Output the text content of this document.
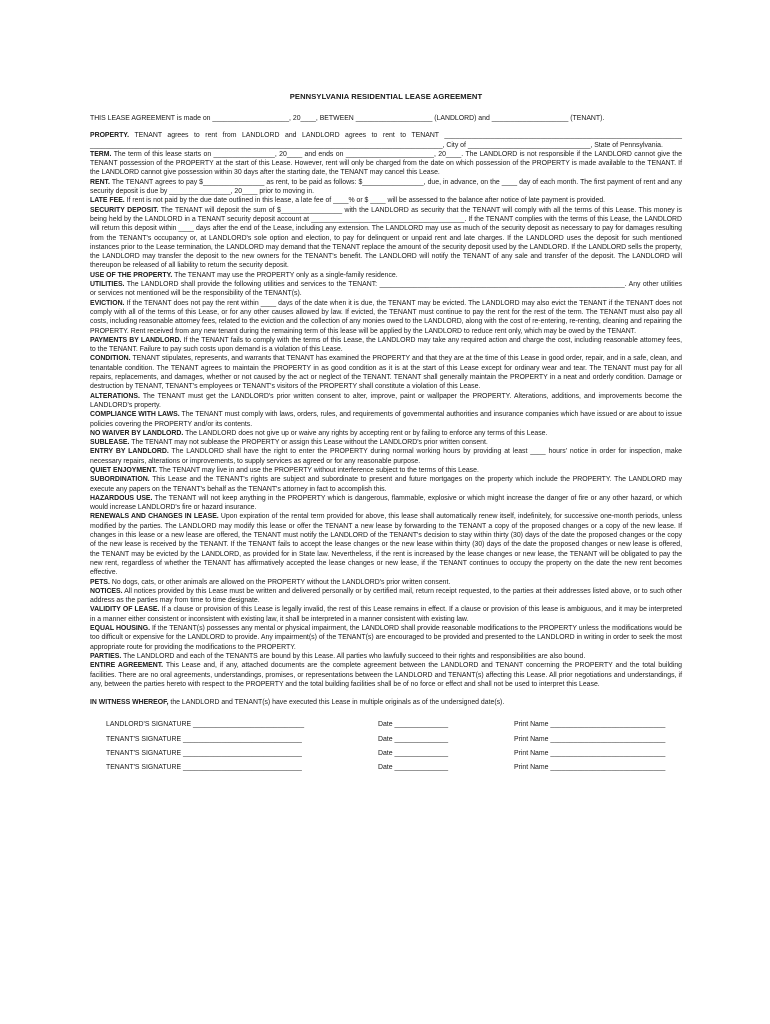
PENNSYLVANIA RESIDENTIAL LEASE AGREEMENT

THIS LEASE AGREEMENT is made on ____________________, 20____, BETWEEN ____________________ (LANDLORD) and ____________________ (TENANT).

PROPERTY. TENANT agrees to rent from LANDLORD and LANDLORD agrees to rent to TENANT ______________________________________________________________ ____________________________________________________________________________________________, City of ________________________________, State of Pennsylvania.

TERM. The term of this lease starts on ________________, 20____ and ends on _______________________, 20____. The LANDLORD is not responsible if the LANDLORD cannot give the TENANT possession of the PROPERTY at the start of this Lease. However, rent will only be charged from the date on which possession of the PROPERTY is made available to the TENANT. If the LANDLORD cannot give possession within 30 days after the starting date, the TENANT may cancel this Lease.

RENT. The TENANT agrees to pay $________________ as rent, to be paid as follows: $________________, due, in advance, on the ____ day of each month. The first payment of rent and any security deposit is due by ________________, 20____ prior to moving in.

LATE FEE. If rent is not paid by the due date outlined in this lease, a late fee of ____% or $ ____ will be assessed to the balance after notice of late payment is provided.

SECURITY DEPOSIT. The TENANT will deposit the sum of $________________ with the LANDLORD as security that the TENANT will comply with all the terms of this Lease. This money is being held by the LANDLORD in a TENANT security deposit account at ________________________________________. If the TENANT complies with the terms of this Lease, the LANDLORD will return this deposit within ____ days after the end of the Lease, including any extension. The LANDLORD may use as much of the security deposit as necessary to pay for damages resulting from the TENANT's occupancy or, at LANDLORD's sole option and election, to pay for delinquent or unpaid rent and late charges. If the LANDLORD uses the deposit for such mentioned instances prior to the Lease termination, the LANDLORD may demand that the TENANT replace the amount of the security deposit used by the LANDLORD. If the LANDLORD sells the property, the LANDLORD may transfer the deposit to the new owners for the TENANT's benefit. The LANDLORD will notify the TENANT of any sale and transfer of the deposit. The LANDLORD will thereupon be released of all liability to return the security deposit.

USE OF THE PROPERTY. The TENANT may use the PROPERTY only as a single-family residence.

UTILITIES. The LANDLORD shall provide the following utilities and services to the TENANT: ________________________________________________________________. Any other utilities or services not mentioned will be the responsibility of the TENANT(s).

EVICTION. If the TENANT does not pay the rent within ____ days of the date when it is due, the TENANT may be evicted. The LANDLORD may also evict the TENANT if the TENANT does not comply with all of the terms of this Lease, or for any other causes allowed by law. If evicted, the TENANT must continue to pay the rent for the rest of the term. The TENANT must also pay all costs, including reasonable attorney fees, related to the eviction and the collection of any monies owed to the LANDLORD, along with the cost of re-entering, re-renting, cleaning and repairing the PROPERTY. Rent received from any new tenant during the remaining term of this lease will be applied by the LANDLORD to reduce rent only, which may be owed by the TENANT.

PAYMENTS BY LANDLORD. If the TENANT fails to comply with the terms of this Lease, the LANDLORD may take any required action and charge the cost, including reasonable attorney fees, to the TENANT. Failure to pay such costs upon demand is a violation of this Lease.

CONDITION. TENANT stipulates, represents, and warrants that TENANT has examined the PROPERTY and that they are at the time of this Lease in good order, repair, and in a safe, clean, and tenantable condition. The TENANT agrees to maintain the PROPERTY in as good condition as it is at the start of this Lease except for ordinary wear and tear. The TENANT must pay for all repairs, replacements, and damages, whether or not caused by the act or neglect of the TENANT. TENANT shall generally maintain the PROPERTY in a neat and orderly condition. Damage or destruction by TENANT, TENANT's employees or TENANT's visitors of the PROPERTY shall constitute a violation of this Lease.

ALTERATIONS. The TENANT must get the LANDLORD's prior written consent to alter, improve, paint or wallpaper the PROPERTY. Alterations, additions, and improvements become the LANDLORD's property.

COMPLIANCE WITH LAWS. The TENANT must comply with laws, orders, rules, and requirements of governmental authorities and insurance companies which have issued or are about to issue policies covering the PROPERTY and/or its contents.

NO WAIVER BY LANDLORD. The LANDLORD does not give up or waive any rights by accepting rent or by failing to enforce any terms of this Lease.

SUBLEASE. The TENANT may not sublease the PROPERTY or assign this Lease without the LANDLORD's prior written consent.

ENTRY BY LANDLORD. The LANDLORD shall have the right to enter the PROPERTY during normal working hours by providing at least ____ hours' notice in order for inspection, make necessary repairs, alterations or improvements, to supply services as agreed or for any reasonable purpose.

QUIET ENJOYMENT. The TENANT may live in and use the PROPERTY without interference subject to the terms of this Lease.

SUBORDINATION. This Lease and the TENANT's rights are subject and subordinate to present and future mortgages on the property which include the PROPERTY. The LANDLORD may execute any papers on the TENANT's behalf as the TENANT's attorney in fact to accomplish this.

HAZARDOUS USE. The TENANT will not keep anything in the PROPERTY which is dangerous, flammable, explosive or which might increase the danger of fire or any other hazard, or which would increase LANDLORD's fire or hazard insurance.

RENEWALS AND CHANGES IN LEASE. Upon expiration of the rental term provided for above, this lease shall automatically renew itself, indefinitely, for successive one-month periods, unless modified by the parties. The LANDLORD may modify this lease or offer the TENANT a new lease by forwarding to the TENANT a copy of the proposed changes or a copy of the new lease. If changes in this lease or a new lease are offered, the TENANT must notify the LANDLORD of the TENANT's decision to stay within thirty (30) days of the date the proposed changes or the copy of the new lease is received by the TENANT. If the TENANT fails to accept the lease changes or the new lease within thirty (30) days of the date the proposed changes or new lease is offered, the TENANT may be evicted by the LANDLORD, as provided for in State law. Nevertheless, if the rent is increased by the lease changes or new lease, the TENANT will be obligated to pay the new rent, regardless of whether the TENANT has affirmatively accepted the lease changes or new lease, if the TENANT continues to occupy the property on the date the new rent becomes effective.

PETS. No dogs, cats, or other animals are allowed on the PROPERTY without the LANDLORD's prior written consent.

NOTICES. All notices provided by this Lease must be written and delivered personally or by certified mail, return receipt requested, to the parties at their addresses listed above, or to such other address as the parties may from time to time designate.

VALIDITY OF LEASE. If a clause or provision of this Lease is legally invalid, the rest of this Lease remains in effect. If a clause or provision of this lease is ambiguous, and it may be interpreted in a manner either consistent or inconsistent with existing law, it shall be interpreted in a manner consistent with existing law.

EQUAL HOUSING. If the TENANT(s) possesses any mental or physical impairment, the LANDLORD shall provide reasonable modifications to the PROPERTY unless the modifications would be too difficult or expensive for the LANDLORD to provide. Any impairment(s) of the TENANT(s) are encouraged to be provided and presented to the LANDLORD in writing in order to seek the most appropriate route for providing the modifications to the PROPERTY.

PARTIES. The LANDLORD and each of the TENANTS are bound by this Lease. All parties who lawfully succeed to their rights and responsibilities are also bound.

ENTIRE AGREEMENT. This Lease and, if any, attached documents are the complete agreement between the LANDLORD and TENANT concerning the PROPERTY and the total building facilities. There are no oral agreements, understandings, promises, or representations between the LANDLORD and TENANT(s) affecting this Lease. All prior negotiations and understandings, if any, between the parties hereto with respect to the PROPERTY and the total building facilities shall be of no force or effect and shall not be used to interpret this Lease.

IN WITNESS WHEREOF, the LANDLORD and TENANT(s) have executed this Lease in multiple originals as of the undersigned date(s).

LANDLORD'S SIGNATURE _____________________________	Date ______________	Print Name ______________________________
TENANT'S SIGNATURE _______________________________	Date ______________	Print Name ______________________________
TENANT'S SIGNATURE _______________________________	Date ______________	Print Name ______________________________
TENANT'S SIGNATURE _______________________________	Date ______________	Print Name ______________________________
